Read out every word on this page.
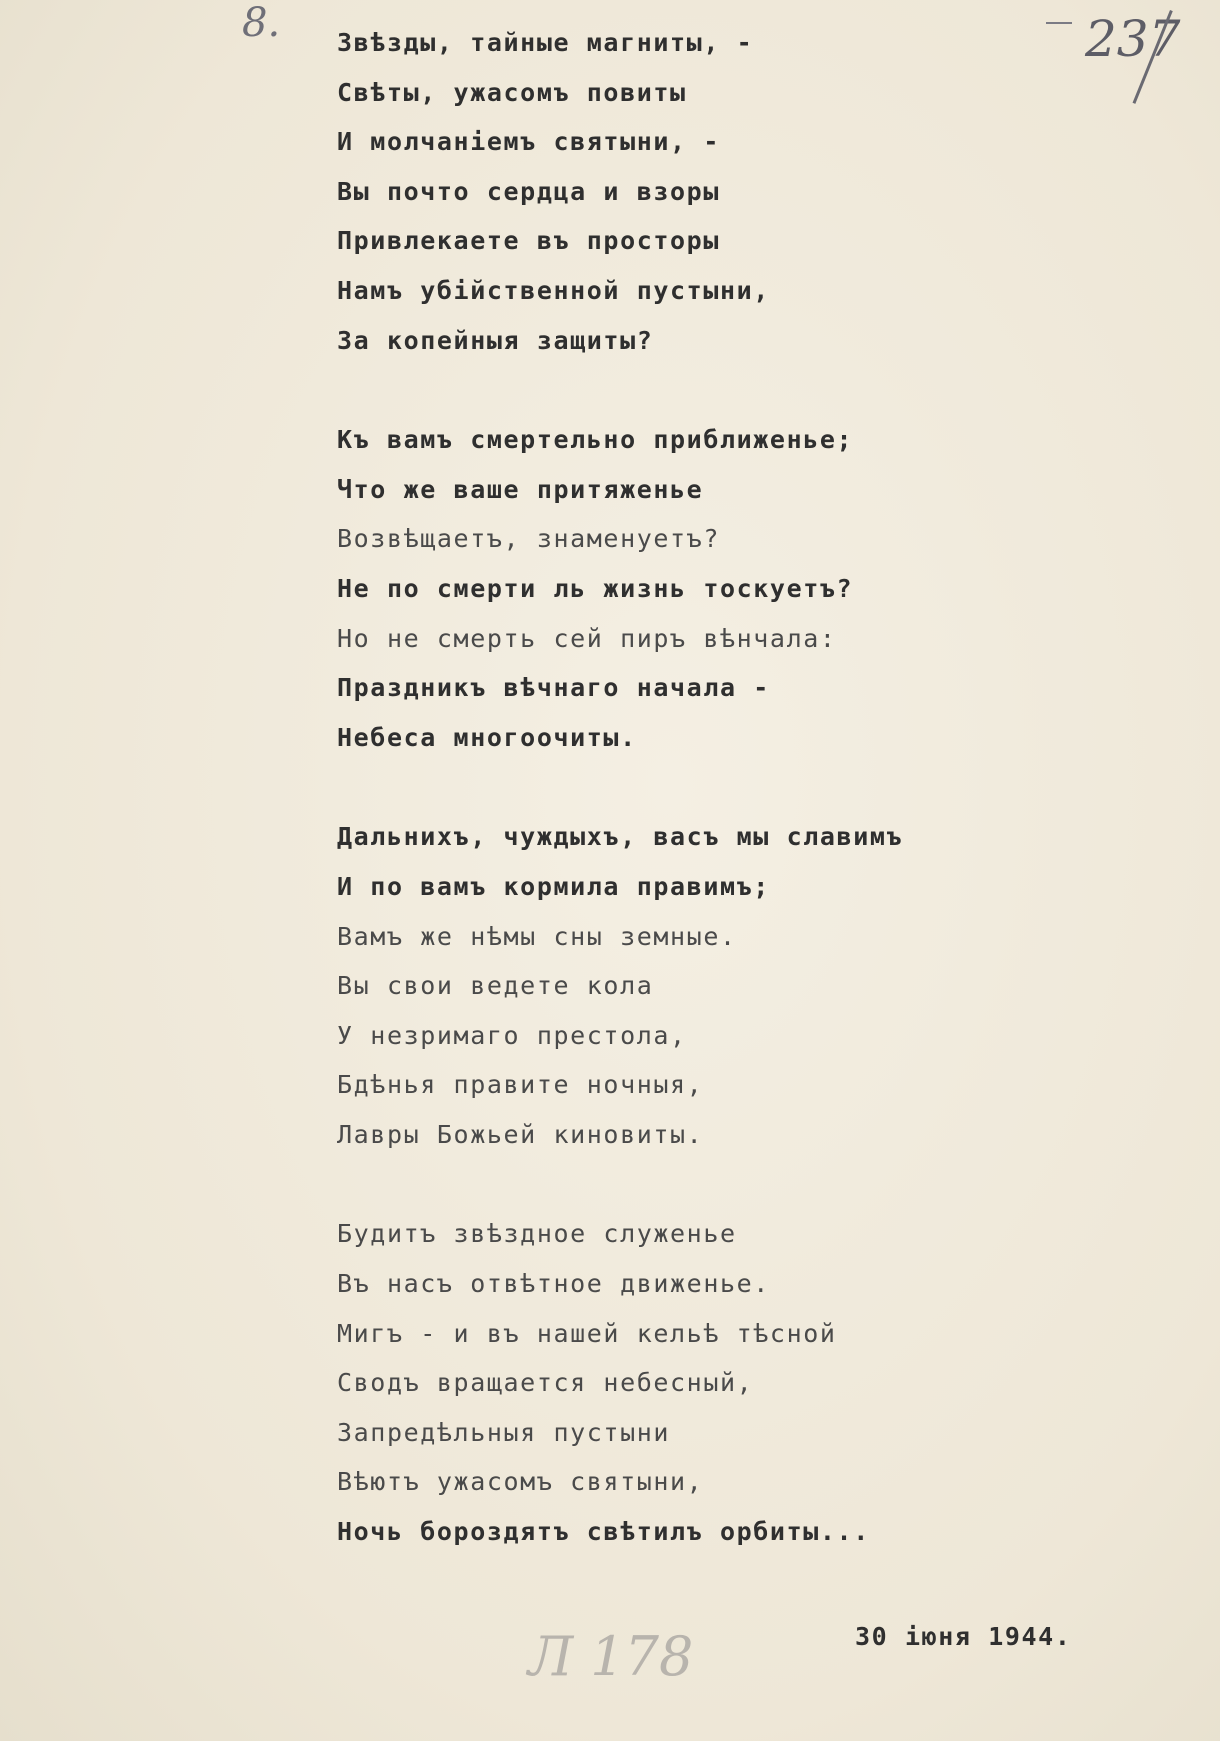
8.	237
Звѣзды, тайные магниты, -
Свѣты, ужасомъ повиты
И молчаніемъ святыни, -
Вы почто сердца и взоры
Привлекаете въ просторы
Намъ убійственной пустыни,
За копейныя защиты?
Къ вамъ смертельно приближенье;
Что же ваше притяженье
Возвѣщаетъ, знаменуетъ?
Не по смерти ль жизнь тоскуетъ?
Но не смерть сей пиръ вѣнчала:
Праздникъ вѣчнаго начала -
Небеса многоочиты.
Дальнихъ, чуждыхъ, васъ мы славимъ
И по вамъ кормила правимъ;
Вамъ же нѣмы сны земные.
Вы свои ведете кола
У незримаго престола,
Бдѣнья правите ночныя,
Лавры Божьей киновиты.
Будитъ звѣздное служенье
Въ насъ отвѣтное движенье.
Мигъ - и въ нашей кельѣ тѣсной
Сводъ вращается небесный,
Запредѣльныя пустыни
Вѣютъ ужасомъ святыни,
Ночь бороздятъ свѣтилъ орбиты...
Л 178	30 іюня 1944.
